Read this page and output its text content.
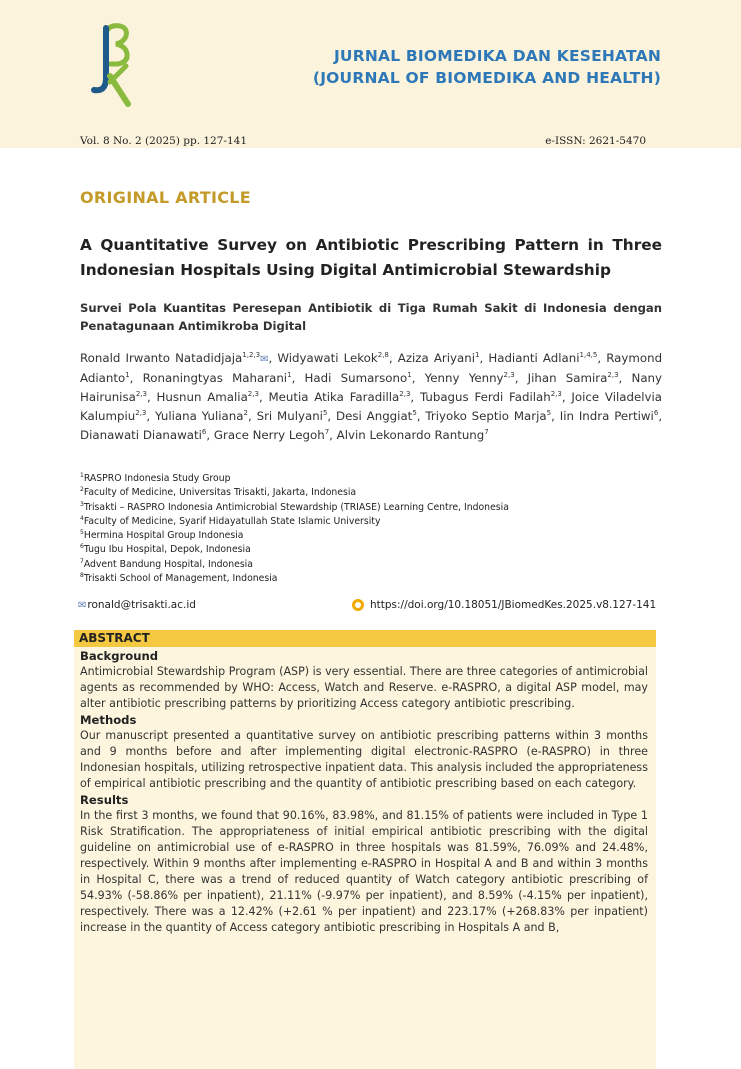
JURNAL BIOMEDIKA DAN KESEHATAN
(JOURNAL OF BIOMEDIKA AND HEALTH)
Vol. 8 No. 2 (2025) pp. 127-141	e-ISSN: 2621-5470
ORIGINAL ARTICLE
A Quantitative Survey on Antibiotic Prescribing Pattern in Three Indonesian Hospitals Using Digital Antimicrobial Stewardship
Survei Pola Kuantitas Peresepan Antibiotik di Tiga Rumah Sakit di Indonesia dengan Penatagunaan Antimikroba Digital
Ronald Irwanto Natadidjaja$^{1,2,3}$✉, Widyawati Lekok$^{2,8}$, Aziza Ariyani$^1$, Hadianti Adlani$^{1,4,5}$, Raymond Adianto$^1$, Ronaningtyas Maharani$^1$, Hadi Sumarsono$^1$, Yenny Yenny$^{2,3}$, Jihan Samira$^{2,3}$, Nany Hairunisa$^{2,3}$, Husnun Amalia$^{2,3}$, Meutia Atika Faradilla$^{2,3}$, Tubagus Ferdi Fadilah$^{2,3}$, Joice Viladelvia Kalumpiu$^{2,3}$, Yuliana Yuliana$^2$, Sri Mulyani$^5$, Desi Anggiat$^5$, Triyoko Septio Marja$^5$, Iin Indra Pertiwi$^6$, Dianawati Dianawati$^6$, Grace Nerry Legoh$^7$, Alvin Lekonardo Rantung$^7$
$^1$RASPRO Indonesia Study Group
$^2$Faculty of Medicine, Universitas Trisakti, Jakarta, Indonesia
$^3$Trisakti – RASPRO Indonesia Antimicrobial Stewardship (TRIASE) Learning Centre, Indonesia
$^4$Faculty of Medicine, Syarif Hidayatullah State Islamic University
$^5$Hermina Hospital Group Indonesia
$^6$Tugu Ibu Hospital, Depok, Indonesia
$^7$Advent Bandung Hospital, Indonesia
$^8$Trisakti School of Management, Indonesia
✉ ronald@trisakti.ac.id	https://doi.org/10.18051/JBiomedKes.2025.v8.127-141
ABSTRACT
Background
Antimicrobial Stewardship Program (ASP) is very essential. There are three categories of antimicrobial agents as recommended by WHO: Access, Watch and Reserve. e-RASPRO, a digital ASP model, may alter antibiotic prescribing patterns by prioritizing Access category antibiotic prescribing.
Methods
Our manuscript presented a quantitative survey on antibiotic prescribing patterns within 3 months and 9 months before and after implementing digital electronic-RASPRO (e-RASPRO) in three Indonesian hospitals, utilizing retrospective inpatient data. This analysis included the appropriateness of empirical antibiotic prescribing and the quantity of antibiotic prescribing based on each category.
Results
In the first 3 months, we found that 90.16%, 83.98%, and 81.15% of patients were included in Type 1 Risk Stratification. The appropriateness of initial empirical antibiotic prescribing with the digital guideline on antimicrobial use of e-RASPRO in three hospitals was 81.59%, 76.09% and 24.48%, respectively. Within 9 months after implementing e-RASPRO in Hospital A and B and within 3 months in Hospital C, there was a trend of reduced quantity of Watch category antibiotic prescribing of 54.93% (-58.86% per inpatient), 21.11% (-9.97% per inpatient), and 8.59% (-4.15% per inpatient), respectively. There was a 12.42% (+2.61 % per inpatient) and 223.17% (+268.83% per inpatient) increase in the quantity of Access category antibiotic prescribing in Hospitals A and B,
